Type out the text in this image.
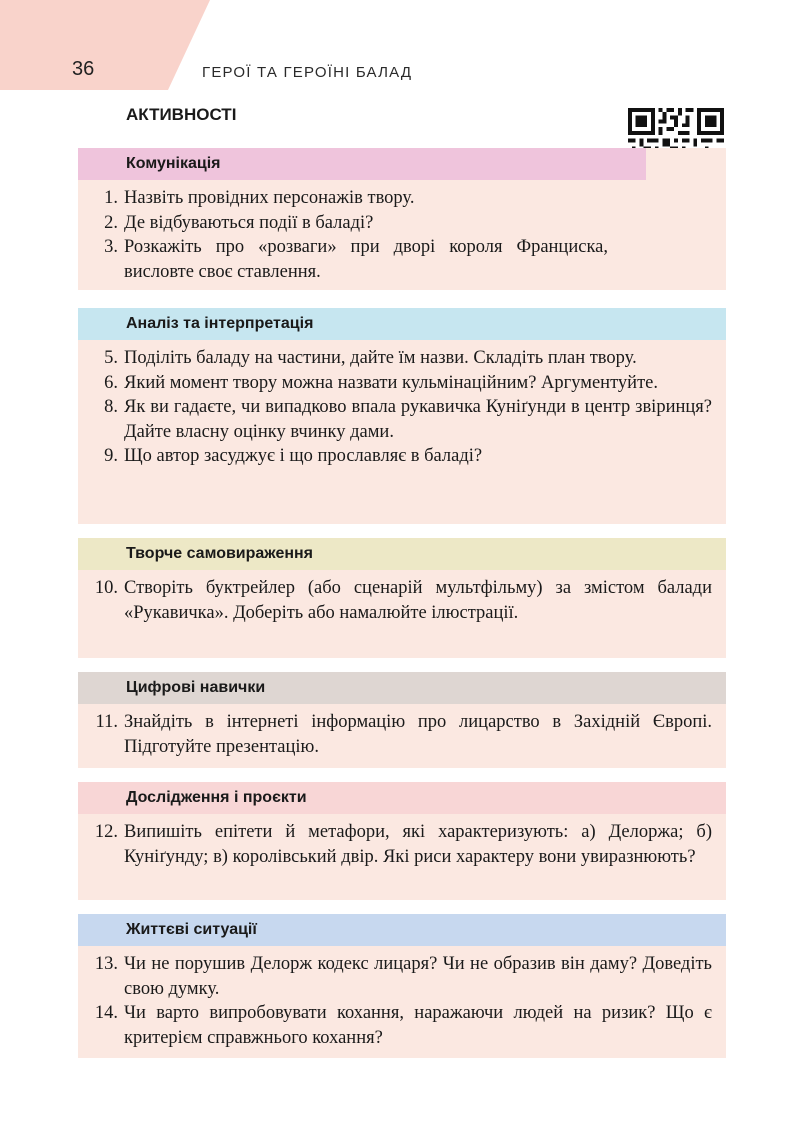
36	ГЕРОЇ ТА ГЕРОЇНІ БАЛАД
АКТИВНОСТІ
Комунікація
1. Назвіть провідних персонажів твору.
2. Де відбуваються події в баладі?
3. Розкажіть про «розваги» при дворі короля Франциска, висловте своє ставлення.
Аналіз та інтерпретація
5. Поділіть баладу на частини, дайте їм назви. Складіть план твору.
6. Який момент твору можна назвати кульмінаційним? Аргументуйте.
8. Як ви гадаєте, чи випадково впала рукавичка Куніґунди в центр звіринця? Дайте власну оцінку вчинку дами.
9. Що автор засуджує і що прославляє в баладі?
Творче самовираження
10. Створіть буктрейлер (або сценарій мультфільму) за змістом балади «Рукавичка». Доберіть або намалюйте ілюстрації.
Цифрові навички
11. Знайдіть в інтернеті інформацію про лицарство в Західній Європі. Підготуйте презентацію.
Дослідження і проєкти
12. Випишіть епітети й метафори, які характеризують: а) Делоржа; б) Куніґунду; в) королівський двір. Які риси характеру вони увиразнюють?
Життєві ситуації
13. Чи не порушив Делорж кодекс лицаря? Чи не образив він даму? Доведіть свою думку.
14. Чи варто випробовувати кохання, наражаючи людей на ризик? Що є критерієм справжнього кохання?
